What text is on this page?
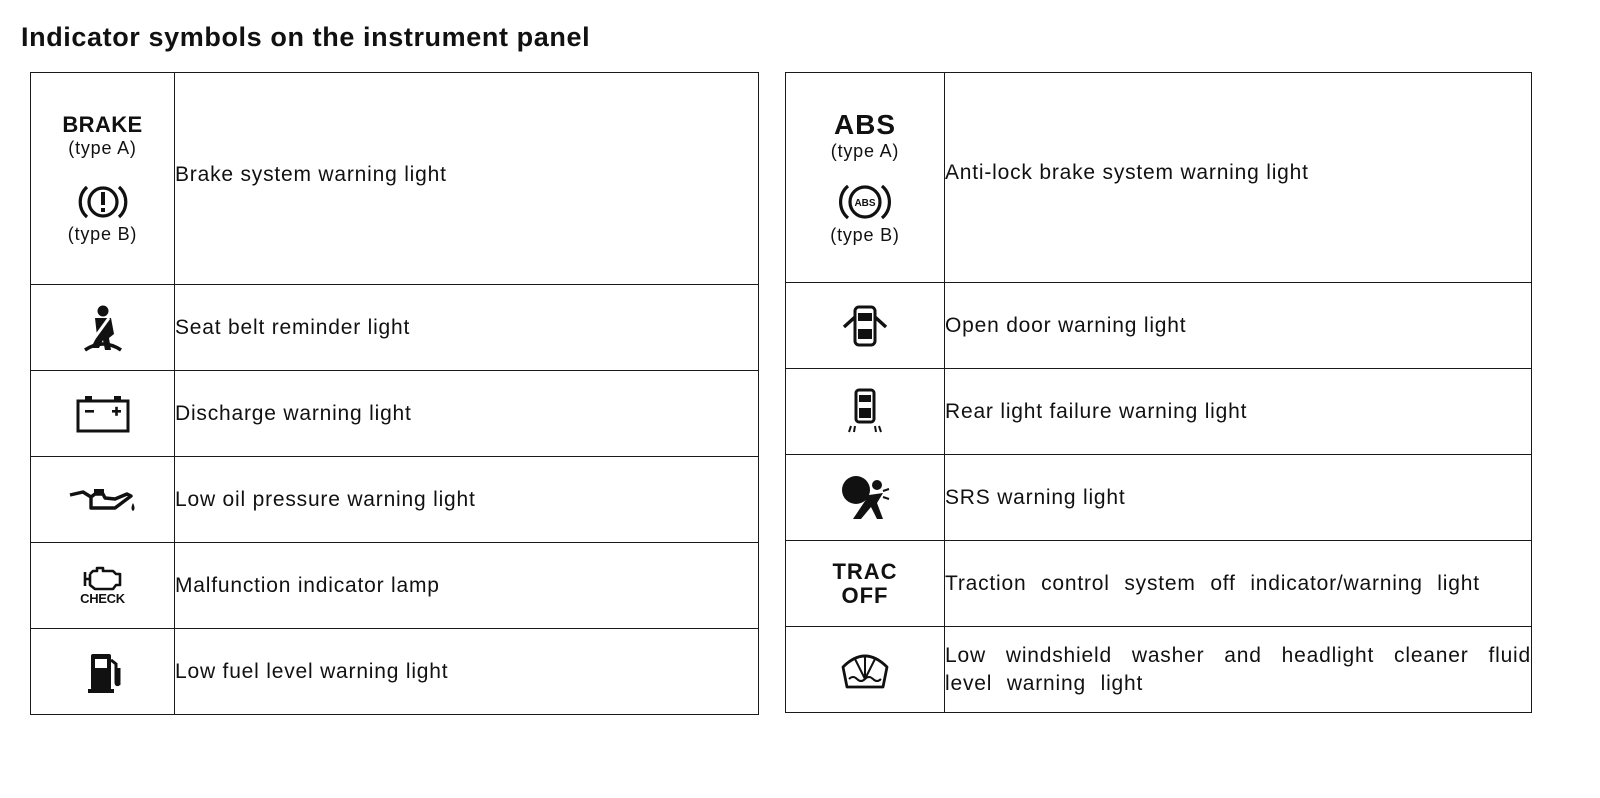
Indicator symbols on the instrument panel
BRAKE
(type A)
(type B)	Brake system warning light

	Seat belt reminder light

	Discharge warning light

	Low oil pressure warning light

CHECK	Malfunction indicator lamp

	Low fuel level warning light
ABS
(type A)
ABS
(type B)	Anti-lock brake system warning light

	Open door warning light

	Rear light failure warning light

	SRS warning light

TRAC
OFF	Traction control system off indicator/warning light

	Low windshield washer and headlight cleaner fluid level warning light
